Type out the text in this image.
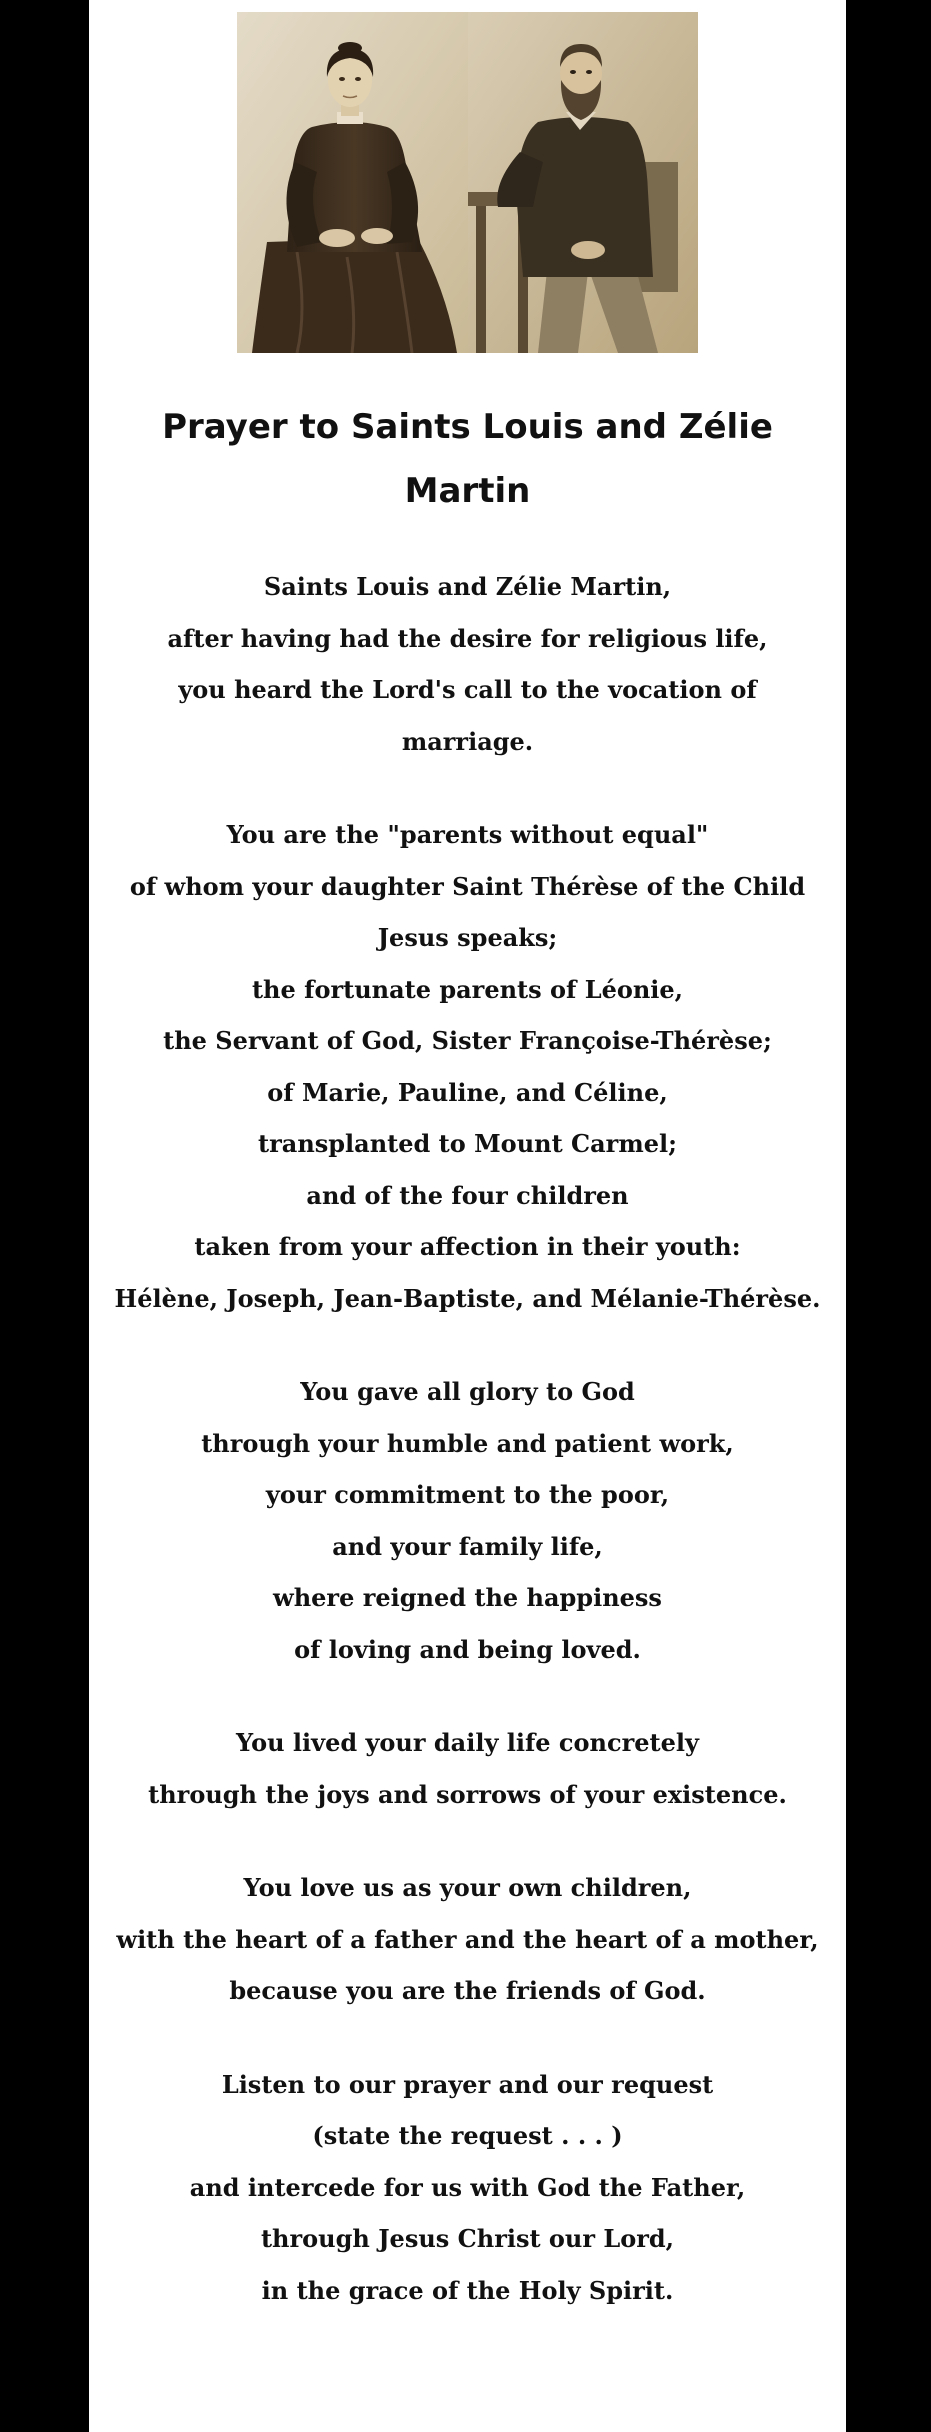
Prayer to Saints Louis and Zélie Martin

Saints Louis and Zélie Martin,
after having had the desire for religious life,
you heard the Lord's call to the vocation of marriage.

You are the "parents without equal"
of whom your daughter Saint Thérèse of the Child Jesus speaks;
the fortunate parents of Léonie,
the Servant of God, Sister Françoise-Thérèse;
of Marie, Pauline, and Céline,
transplanted to Mount Carmel;
and of the four children
taken from your affection in their youth:
Hélène, Joseph, Jean-Baptiste, and Mélanie-Thérèse.

You gave all glory to God
through your humble and patient work,
your commitment to the poor,
and your family life,
where reigned the happiness
of loving and being loved.

You lived your daily life concretely
through the joys and sorrows of your existence.

You love us as your own children,
with the heart of a father and the heart of a mother,
because you are the friends of God.

Listen to our prayer and our request
(state the request . . . )
and intercede for us with God the Father,
through Jesus Christ our Lord,
in the grace of the Holy Spirit.
